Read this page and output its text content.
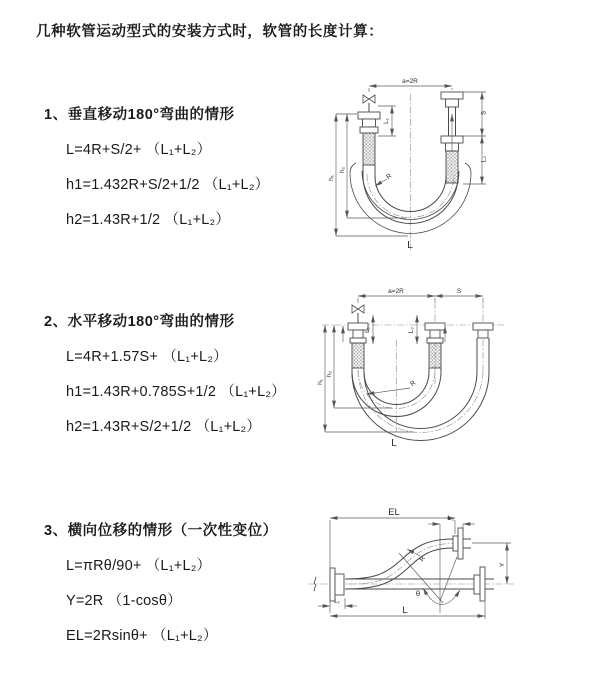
几种软管运动型式的安装方式时，软管的长度计算：
1、垂直移动180°弯曲的情形
L=4R+S/2+ （L₁+L₂）
h1=1.432R+S/2+1/2 （L₁+L₂）
h2=1.43R+1/2 （L₁+L₂）
a=2R
h₁
h₂
L₁
S
L₂
R
L
2、水平移动180°弯曲的情形
L=4R+1.57S+ （L₁+L₂）
h1=1.43R+0.785S+1/2 （L₁+L₂）
h2=1.43R+S/2+1/2 （L₁+L₂）
a=2R	S
h₁
h₂
L₁	L₂
R
L
3、横向位移的情形（一次性变位）
L=πRθ/90+ （L₁+L₂）
Y=2R （1-cosθ）
EL=2Rsinθ+ （L₁+L₂）
θ
EL
L₂
Y
L
L₁
R
